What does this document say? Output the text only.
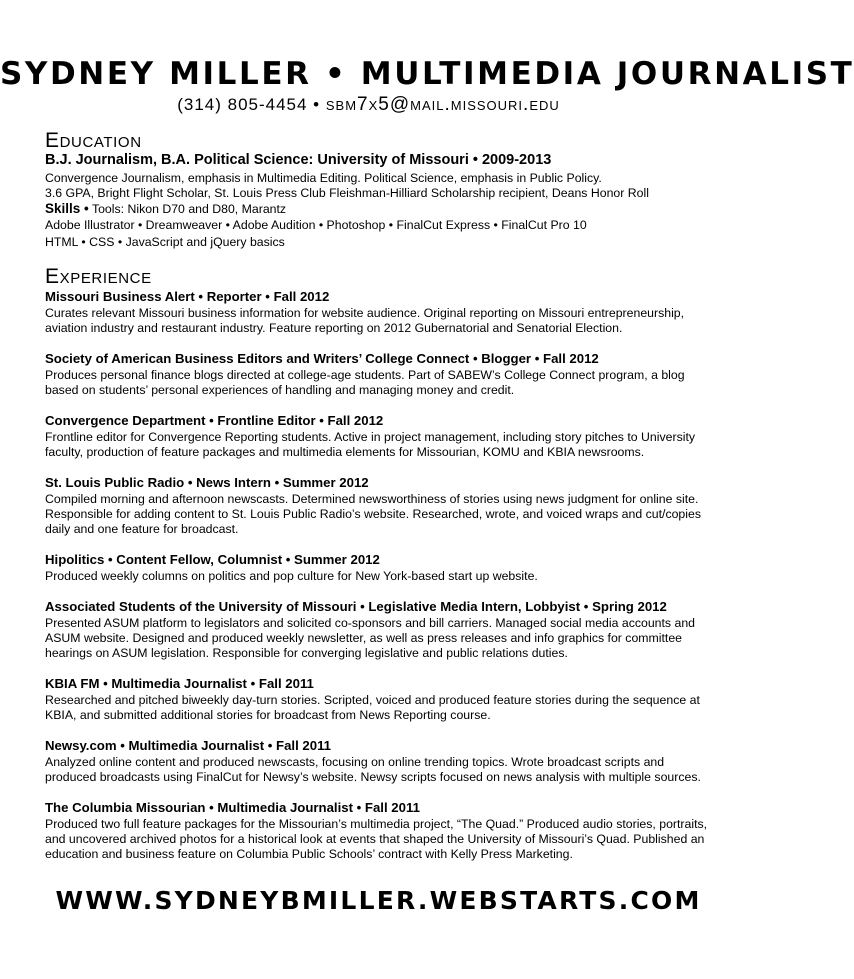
SYDNEY MILLER • MULTIMEDIA JOURNALIST
(314) 805-4454 • sbm7x5@mail.missouri.edu
Education
B.J. Journalism, B.A. Political Science: University of Missouri • 2009-2013
Convergence Journalism, emphasis in Multimedia Editing. Political Science, emphasis in Public Policy.
3.6 GPA, Bright Flight Scholar, St. Louis Press Club Fleishman-Hilliard Scholarship recipient, Deans Honor Roll
Skills • Tools: Nikon D70 and D80, Marantz
Adobe Illustrator • Dreamweaver • Adobe Audition • Photoshop • FinalCut Express • FinalCut Pro 10
HTML • CSS • JavaScript and jQuery basics
Experience
Missouri Business Alert • Reporter • Fall 2012
Curates relevant Missouri business information for website audience. Original reporting on Missouri entrepreneurship,
aviation industry and restaurant industry. Feature reporting on 2012 Gubernatorial and Senatorial Election.
Society of American Business Editors and Writers’ College Connect • Blogger • Fall 2012
Produces personal finance blogs directed at college-age students. Part of SABEW’s College Connect program, a blog
based on students’ personal experiences of handling and managing money and credit.
Convergence Department • Frontline Editor • Fall 2012
Frontline editor for Convergence Reporting students. Active in project management, including story pitches to University
faculty, production of feature packages and multimedia elements for Missourian, KOMU and KBIA newsrooms.
St. Louis Public Radio • News Intern • Summer 2012
Compiled morning and afternoon newscasts. Determined newsworthiness of stories using news judgment for online site.
Responsible for adding content to St. Louis Public Radio’s website. Researched, wrote, and voiced wraps and cut/copies
daily and one feature for broadcast.
Hipolitics • Content Fellow, Columnist • Summer 2012
Produced weekly columns on politics and pop culture for New York-based start up website.
Associated Students of the University of Missouri • Legislative Media Intern, Lobbyist • Spring 2012
Presented ASUM platform to legislators and solicited co-sponsors and bill carriers. Managed social media accounts and
ASUM website. Designed and produced weekly newsletter, as well as press releases and info graphics for committee
hearings on ASUM legislation. Responsible for converging legislative and public relations duties.
KBIA FM • Multimedia Journalist • Fall 2011
Researched and pitched biweekly day-turn stories. Scripted, voiced and produced feature stories during the sequence at
KBIA, and submitted additional stories for broadcast from News Reporting course.
Newsy.com • Multimedia Journalist • Fall 2011
Analyzed online content and produced newscasts, focusing on online trending topics. Wrote broadcast scripts and
produced broadcasts using FinalCut for Newsy’s website. Newsy scripts focused on news analysis with multiple sources.
The Columbia Missourian • Multimedia Journalist • Fall 2011
Produced two full feature packages for the Missourian’s multimedia project, “The Quad.” Produced audio stories, portraits,
and uncovered archived photos for a historical look at events that shaped the University of Missouri’s Quad. Published an
education and business feature on Columbia Public Schools’ contract with Kelly Press Marketing.
WWW.SYDNEYBMILLER.WEBSTARTS.COM
